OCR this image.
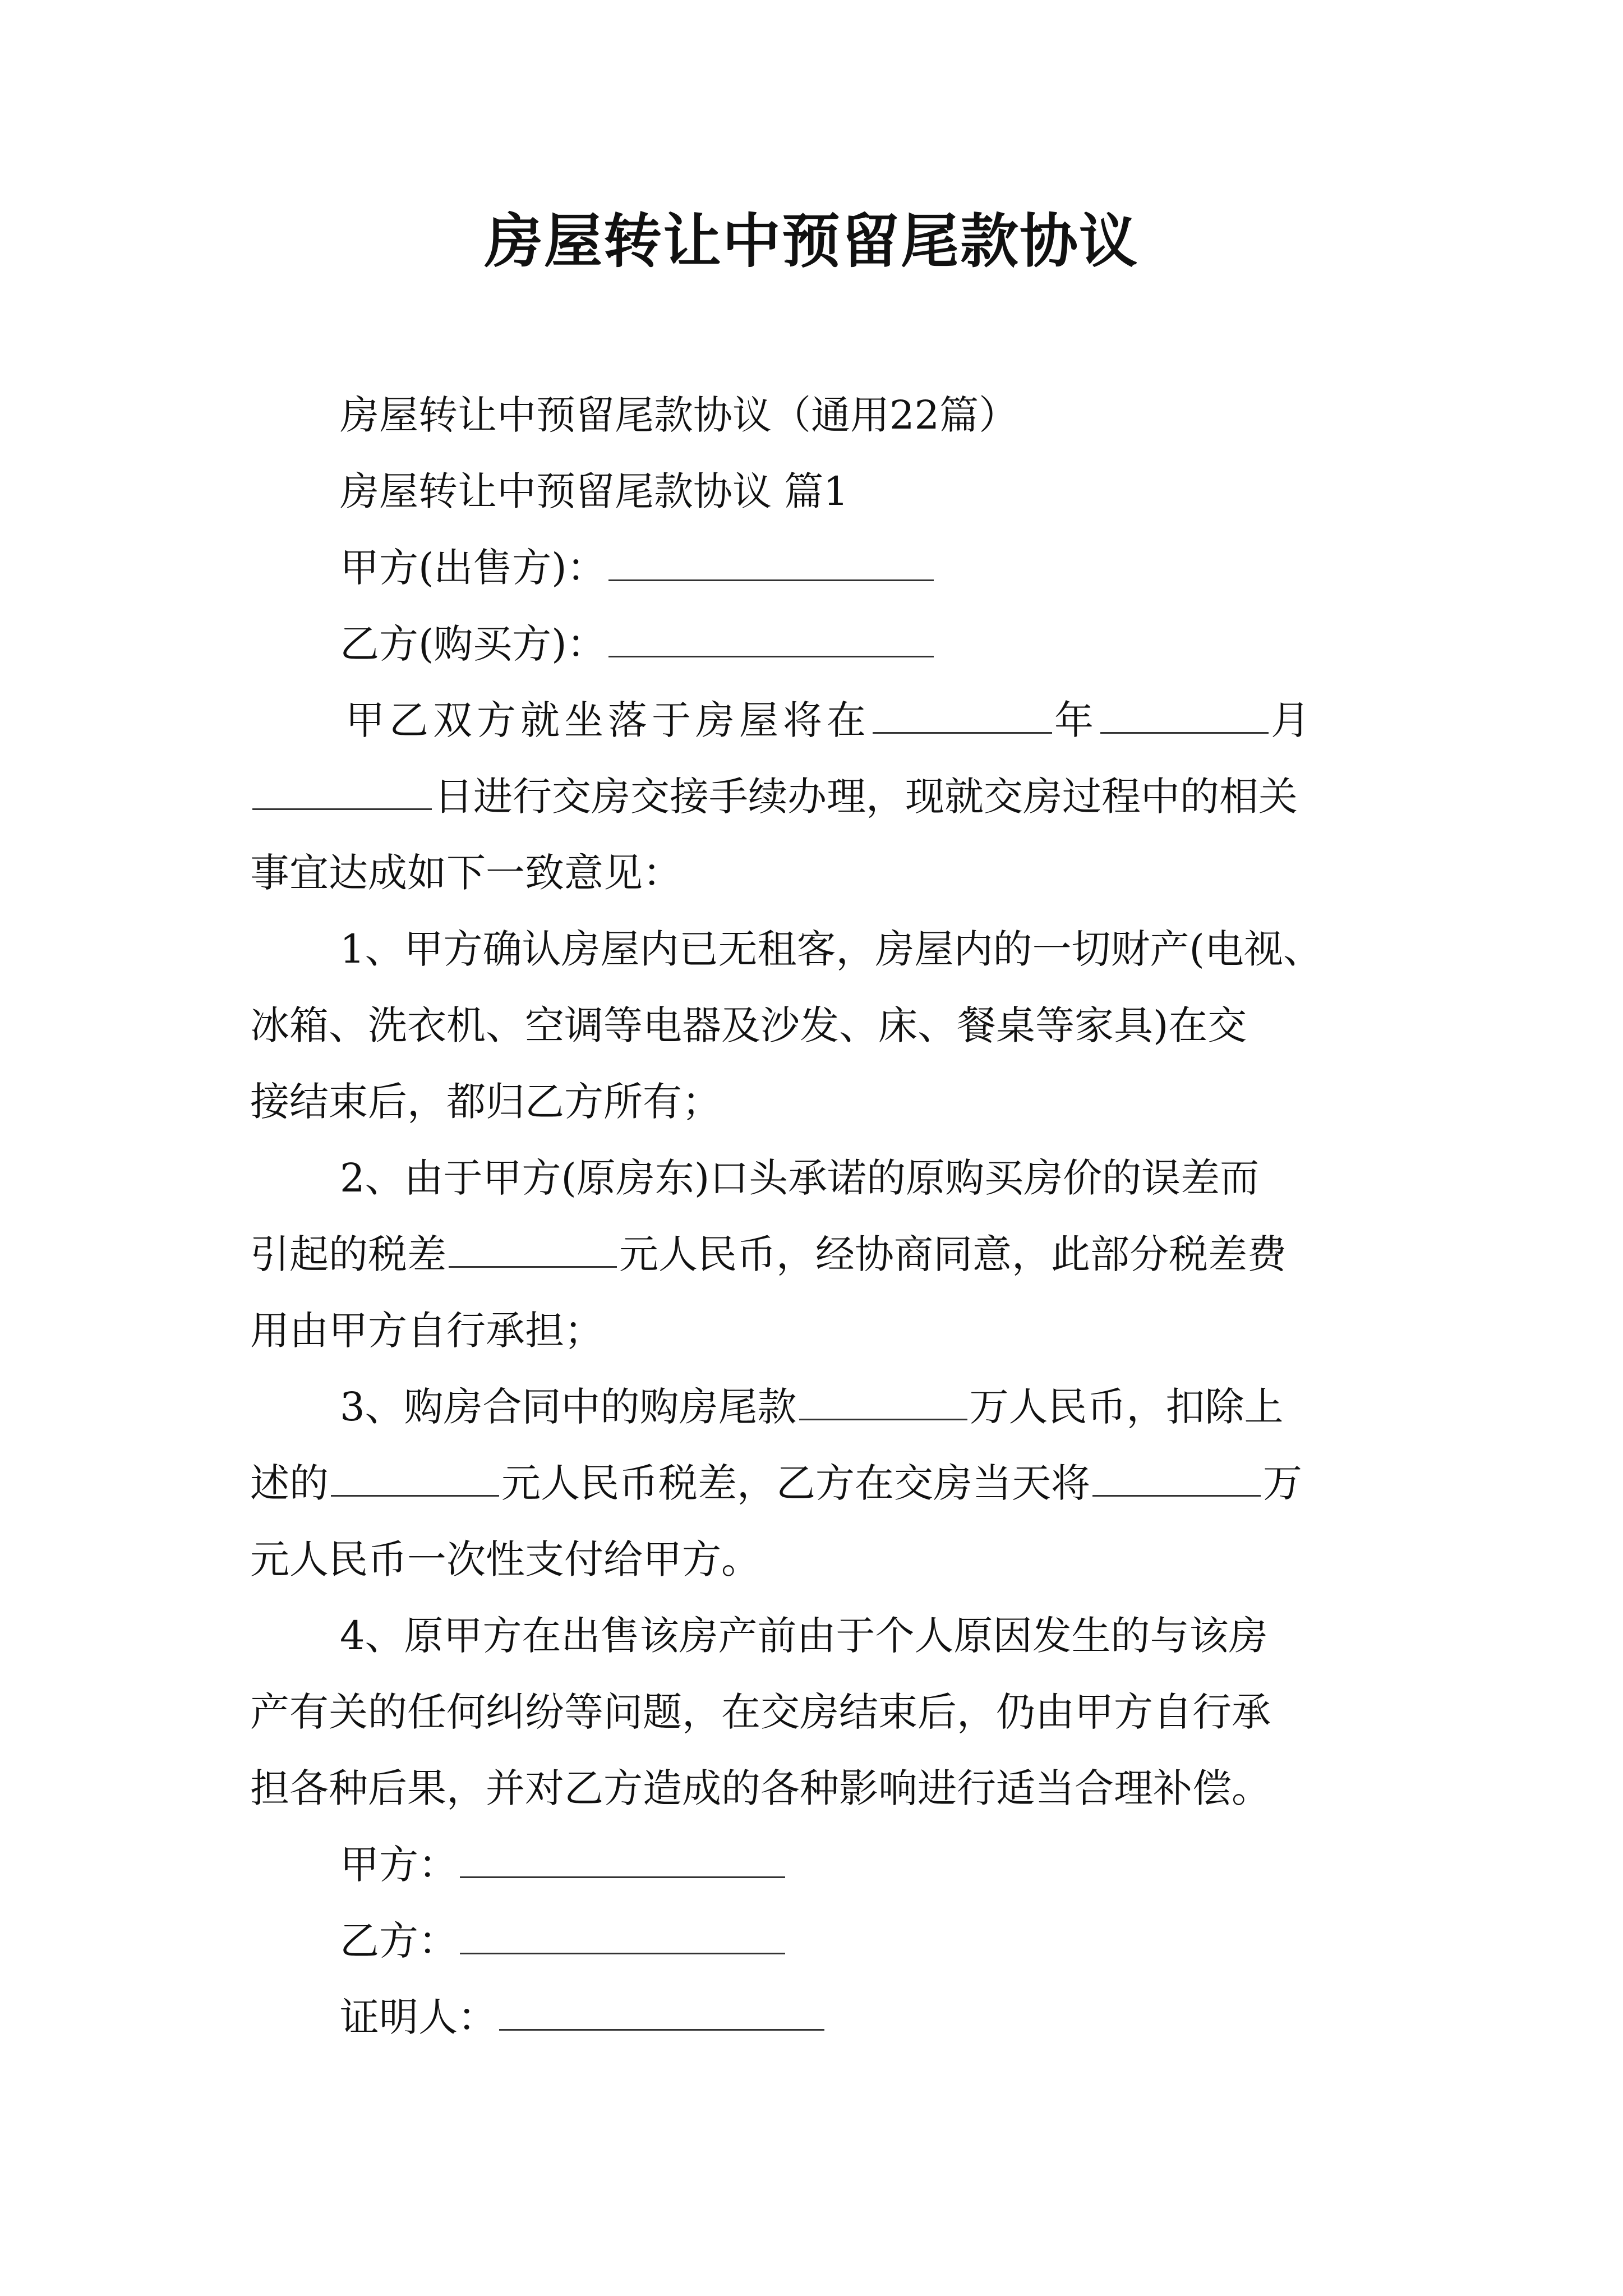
房屋转让中预留尾款协议
房屋转让中预留尾款协议（通用22篇）
房屋转让中预留尾款协议 篇1
甲方(出售方)：
乙方(购买方)：
甲乙双方就坐落于房屋将在	年	月
日进行交房交接手续办理，现就交房过程中的相关
事宜达成如下一致意见：
1、甲方确认房屋内已无租客，房屋内的一切财产(电视、
冰箱、洗衣机、空调等电器及沙发、床、餐桌等家具)在交
接结束后，都归乙方所有；
2、由于甲方(原房东)口头承诺的原购买房价的误差而
引起的税差	元人民币，经协商同意，此部分税差费
用由甲方自行承担；
3、购房合同中的购房尾款	万人民币，扣除上
述的	元人民币税差，乙方在交房当天将	万
元人民币一次性支付给甲方。
4、原甲方在出售该房产前由于个人原因发生的与该房
产有关的任何纠纷等问题，在交房结束后，仍由甲方自行承
担各种后果，并对乙方造成的各种影响进行适当合理补偿。
甲方：
乙方：
证明人：
